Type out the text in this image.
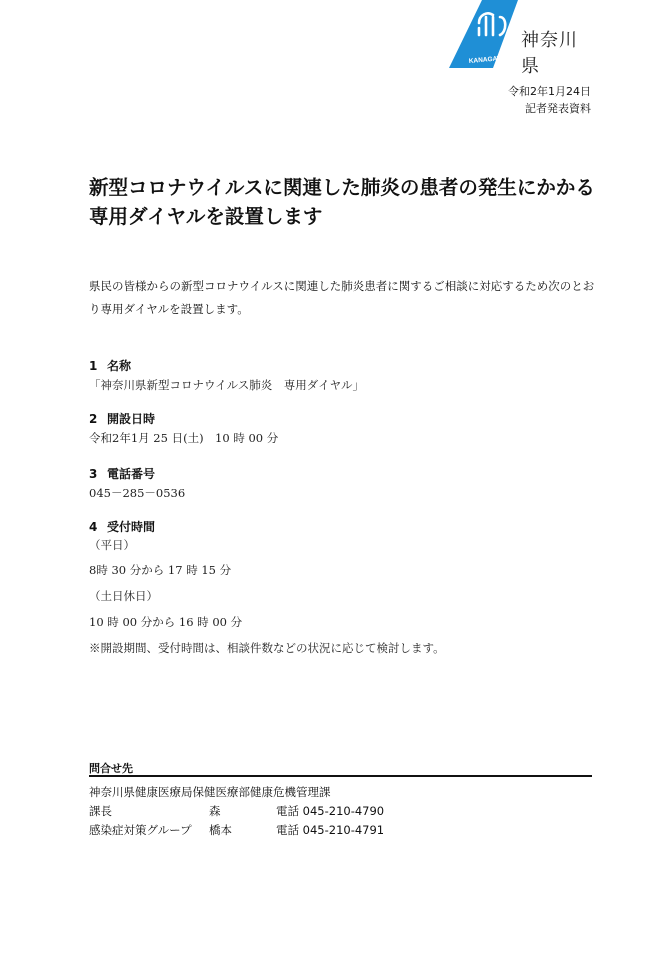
KANAGAWA
神奈川県
令和2年1月24日
記者発表資料
新型コロナウイルスに関連した肺炎の患者の発生にかかる専用ダイヤルを設置します

県民の皆様からの新型コロナウイルスに関連した肺炎患者に関するご相談に対応するため次のとおり専用ダイヤルを設置します。

1 名称
「神奈川県新型コロナウイルス肺炎　専用ダイヤル」
2 開設日時
令和2年1月 25 日(土)　10 時 00 分
3 電話番号
045－285－0536
4 受付時間
（平日）
8時 30 分から 17 時 15 分
（土日休日）
10 時 00 分から 16 時 00 分
※開設期間、受付時間は、相談件数などの状況に応じて検討します。
問合せ先
神奈川県健康医療局保健医療部健康危機管理課
課長	森	電話 045-210-4790
感染症対策グループ 橋本	電話 045-210-4791
